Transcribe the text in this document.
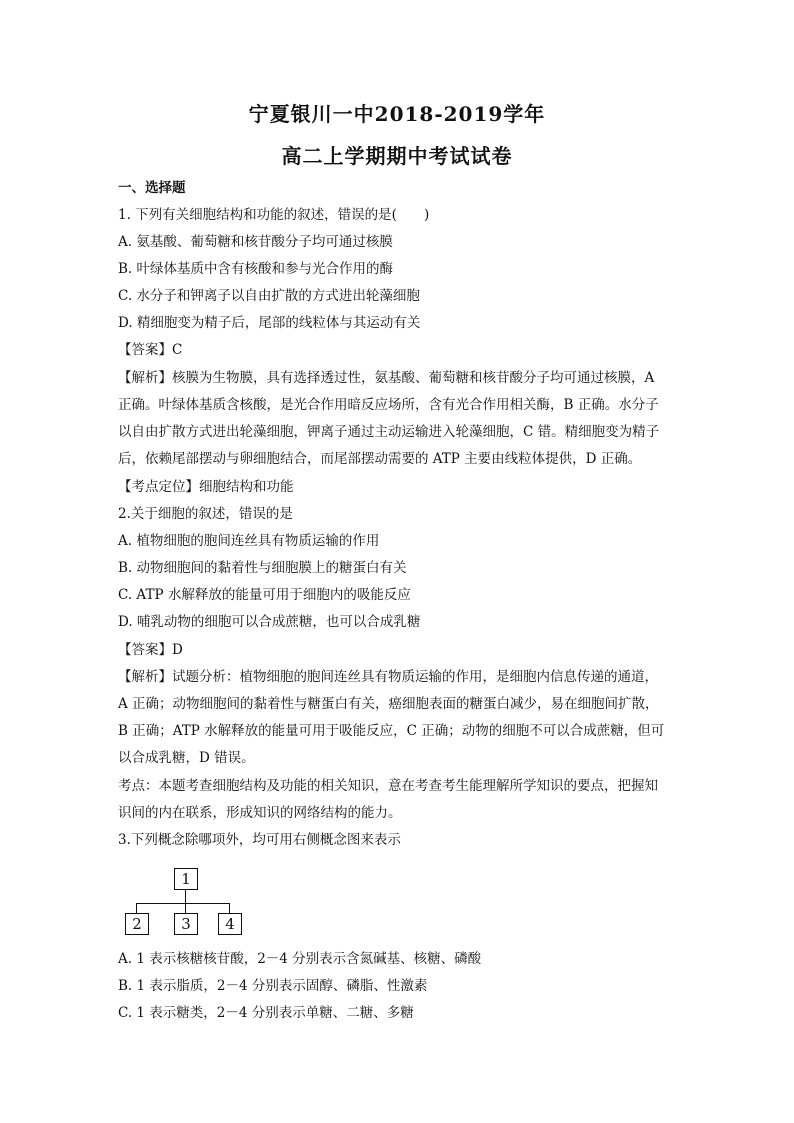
宁夏银川一中2018-2019学年
高二上学期期中考试试卷
一、选择题
1. 下列有关细胞结构和功能的叙述，错误的是(　　)
A. 氨基酸、葡萄糖和核苷酸分子均可通过核膜
B. 叶绿体基质中含有核酸和参与光合作用的酶
C. 水分子和钾离子以自由扩散的方式进出轮藻细胞
D. 精细胞变为精子后，尾部的线粒体与其运动有关
【答案】C
【解析】核膜为生物膜，具有选择透过性，氨基酸、葡萄糖和核苷酸分子均可通过核膜，A
正确。叶绿体基质含核酸，是光合作用暗反应场所，含有光合作用相关酶，B 正确。水分子
以自由扩散方式进出轮藻细胞，钾离子通过主动运输进入轮藻细胞，C 错。精细胞变为精子
后，依赖尾部摆动与卵细胞结合，而尾部摆动需要的 ATP 主要由线粒体提供，D 正确。
【考点定位】细胞结构和功能
2.关于细胞的叙述，错误的是
A. 植物细胞的胞间连丝具有物质运输的作用
B. 动物细胞间的黏着性与细胞膜上的糖蛋白有关
C. ATP 水解释放的能量可用于细胞内的吸能反应
D. 哺乳动物的细胞可以合成蔗糖，也可以合成乳糖
【答案】D
【解析】试题分析：植物细胞的胞间连丝具有物质运输的作用，是细胞内信息传递的通道，
A 正确；动物细胞间的黏着性与糖蛋白有关，癌细胞表面的糖蛋白减少，易在细胞间扩散，
B 正确；ATP 水解释放的能量可用于吸能反应，C 正确；动物的细胞不可以合成蔗糖，但可
以合成乳糖，D 错误。
考点：本题考查细胞结构及功能的相关知识，意在考查考生能理解所学知识的要点，把握知
识间的内在联系，形成知识的网络结构的能力。
3.下列概念除哪项外，均可用右侧概念图来表示
1
2	3	4
A. 1 表示核糖核苷酸，2－4 分别表示含氮碱基、核糖、磷酸
B. 1 表示脂质，2－4 分别表示固醇、磷脂、性激素
C. 1 表示糖类，2－4 分别表示单糖、二糖、多糖
